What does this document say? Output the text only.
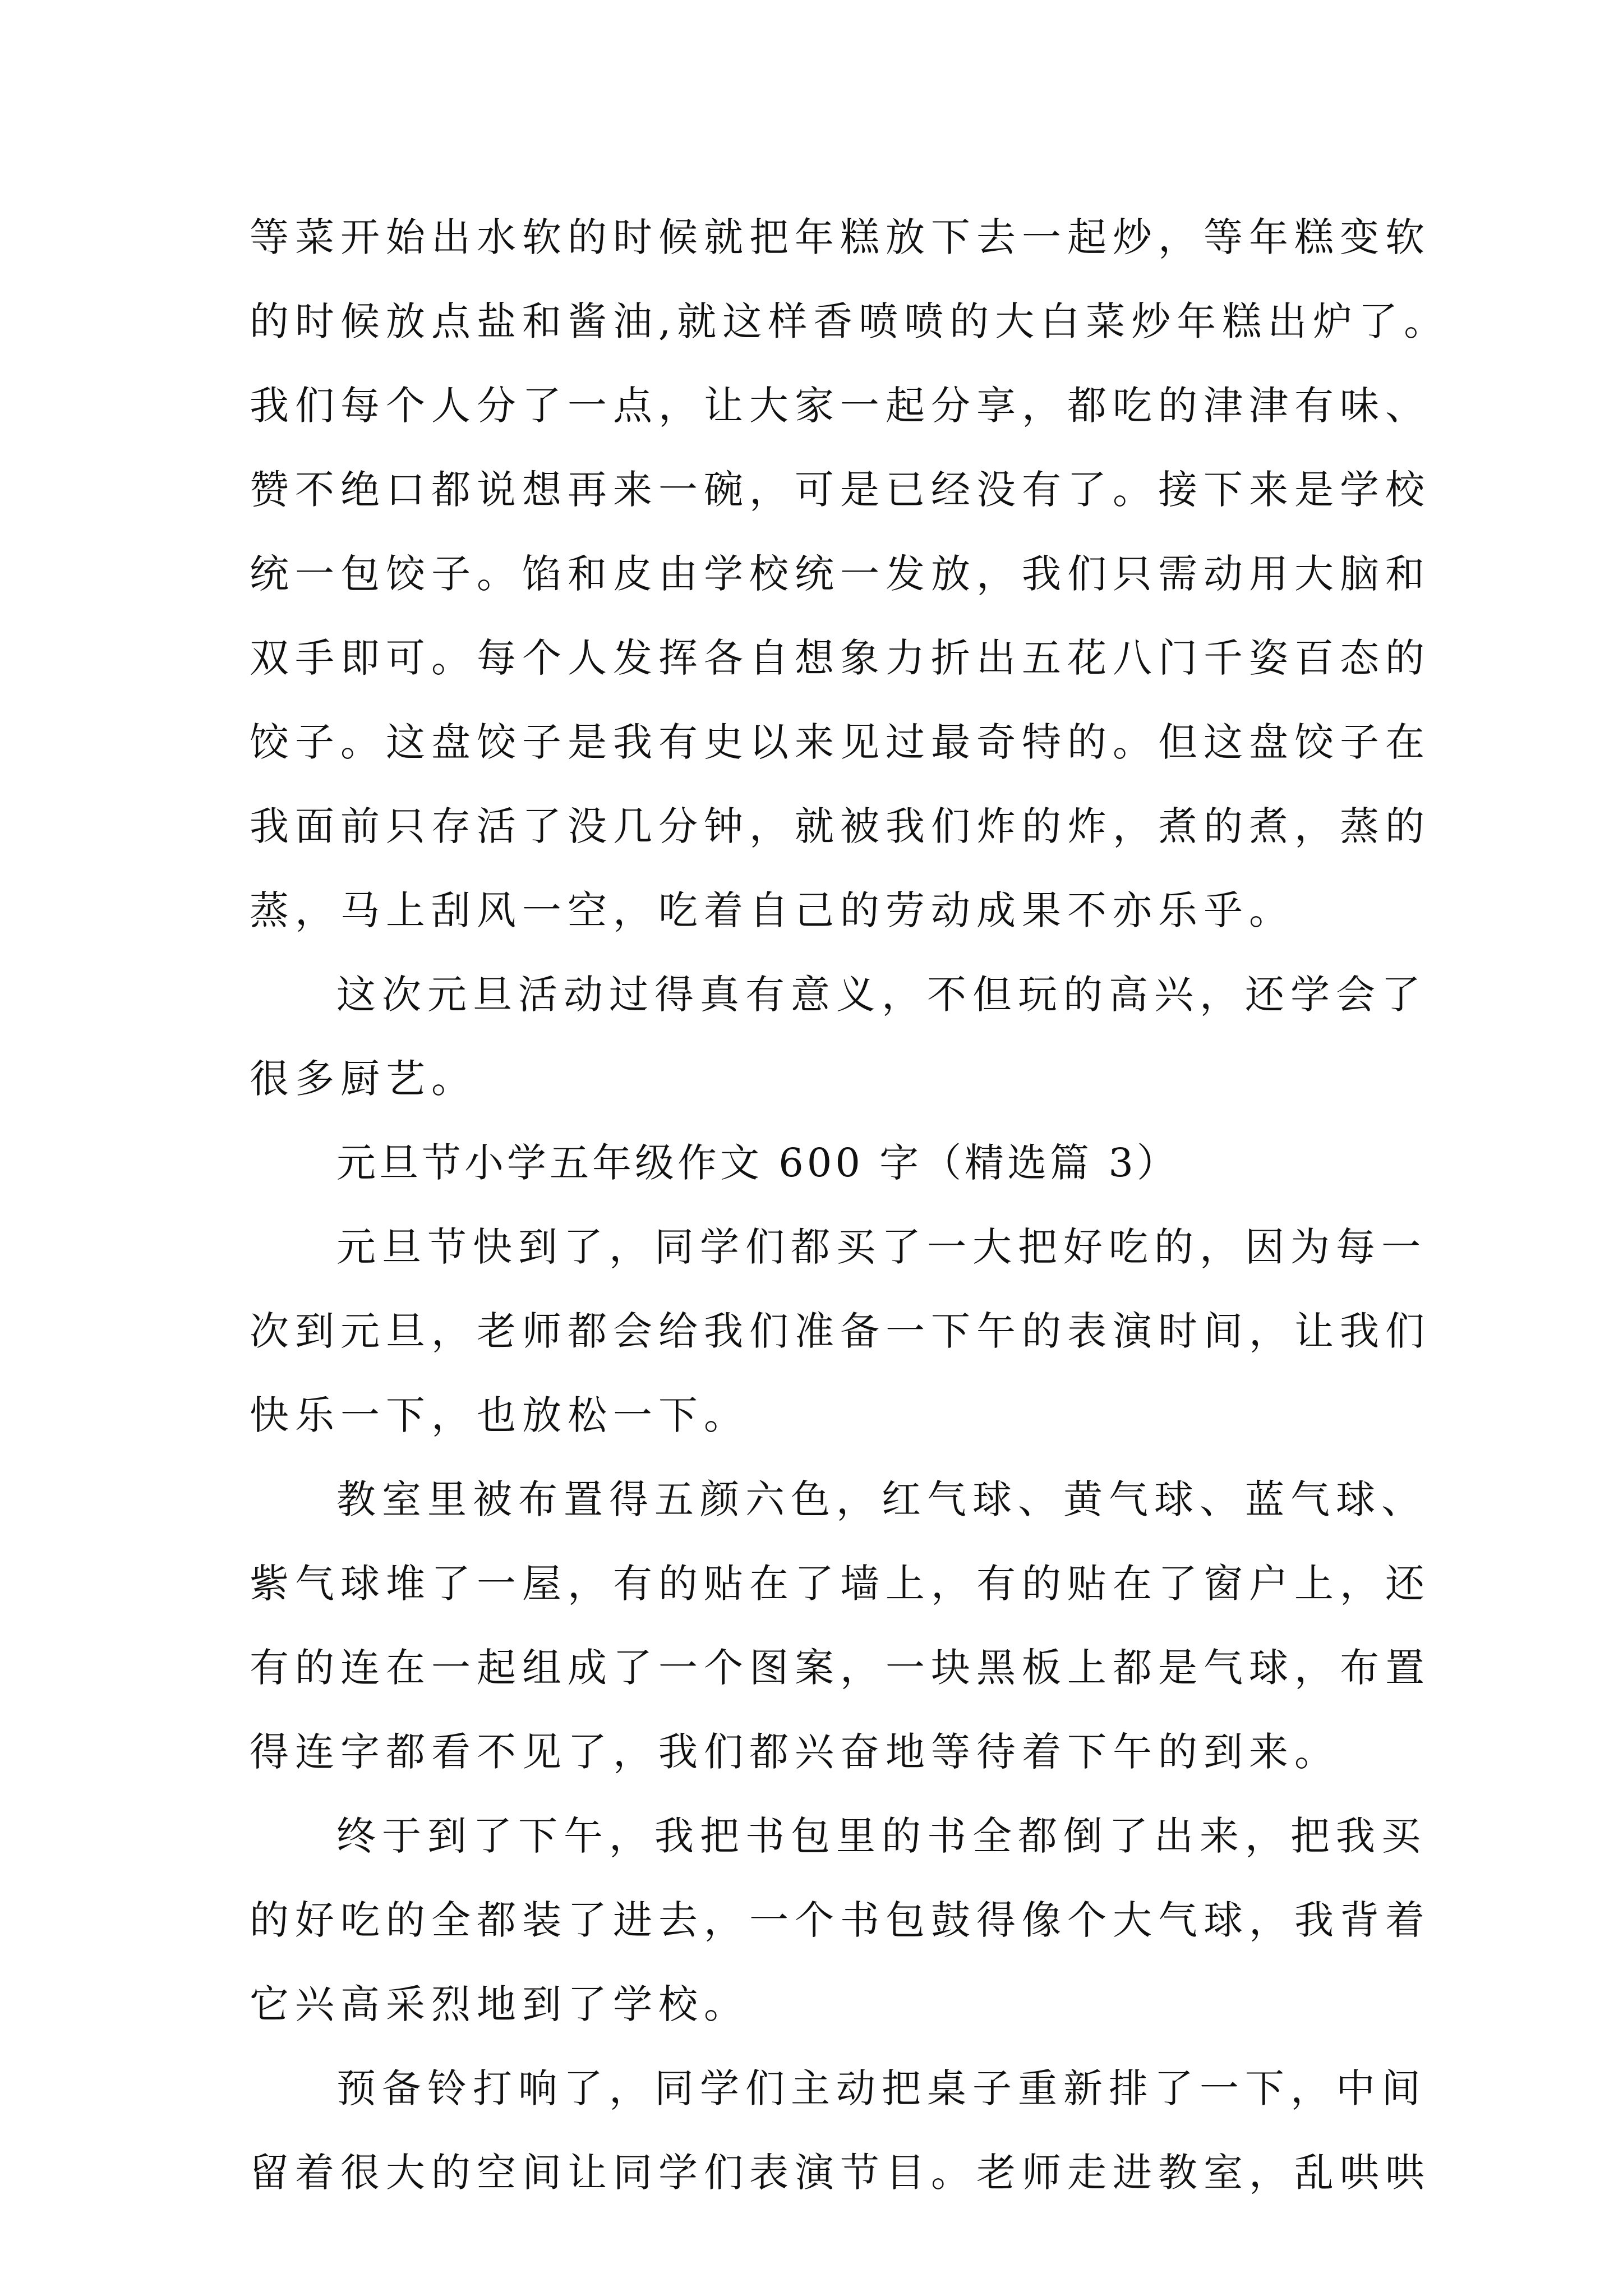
等菜开始出水软的时候就把年糕放下去一起炒，等年糕变软
的时候放点盐和酱油,就这样香喷喷的大白菜炒年糕出炉了。
我们每个人分了一点，让大家一起分享，都吃的津津有味、
赞不绝口都说想再来一碗，可是已经没有了。接下来是学校
统一包饺子。馅和皮由学校统一发放，我们只需动用大脑和
双手即可。每个人发挥各自想象力折出五花八门千姿百态的
饺子。这盘饺子是我有史以来见过最奇特的。但这盘饺子在
我面前只存活了没几分钟，就被我们炸的炸，煮的煮，蒸的
蒸，马上刮风一空，吃着自己的劳动成果不亦乐乎。
这次元旦活动过得真有意义，不但玩的高兴，还学会了
很多厨艺。
元旦节小学五年级作文 600 字（精选篇 3）
元旦节快到了，同学们都买了一大把好吃的，因为每一
次到元旦，老师都会给我们准备一下午的表演时间，让我们
快乐一下，也放松一下。
教室里被布置得五颜六色，红气球、黄气球、蓝气球、
紫气球堆了一屋，有的贴在了墙上，有的贴在了窗户上，还
有的连在一起组成了一个图案，一块黑板上都是气球，布置
得连字都看不见了，我们都兴奋地等待着下午的到来。
终于到了下午，我把书包里的书全都倒了出来，把我买
的好吃的全都装了进去，一个书包鼓得像个大气球，我背着
它兴高采烈地到了学校。
预备铃打响了，同学们主动把桌子重新排了一下，中间
留着很大的空间让同学们表演节目。老师走进教室，乱哄哄
